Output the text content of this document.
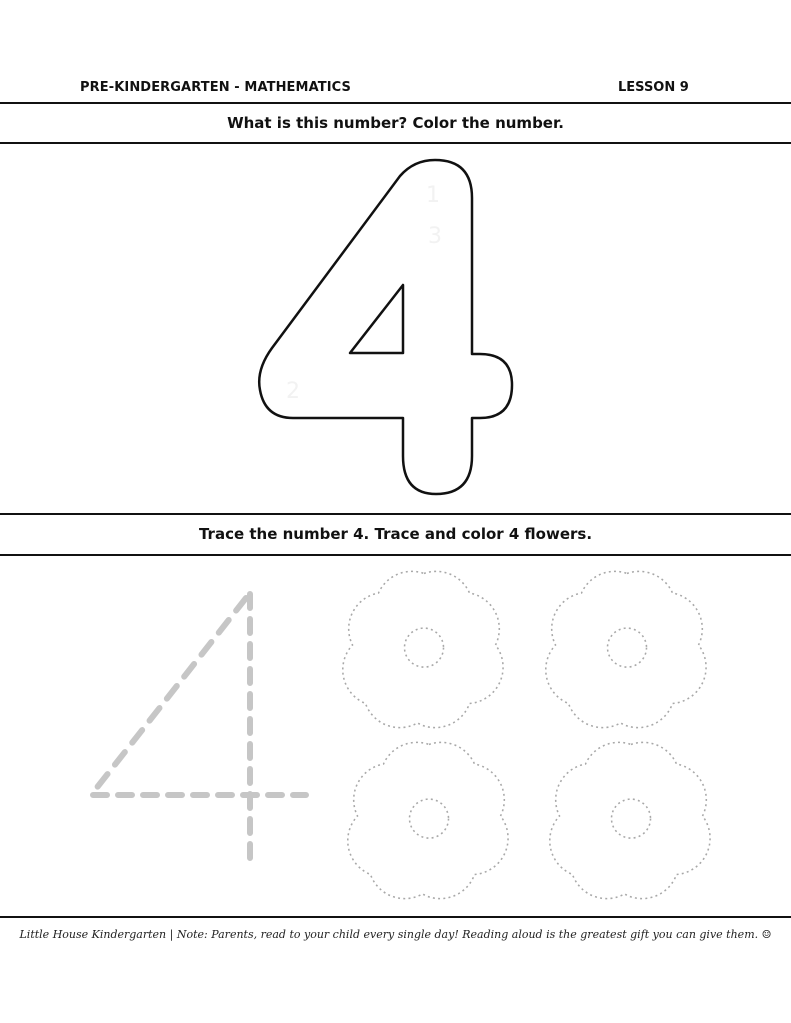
PRE-KINDERGARTEN - MATHEMATICS	LESSON 9
What is this number? Color the number.
Trace the number 4. Trace and color 4 flowers.
Little House Kindergarten | Note: Parents, read to your child every single day! Reading aloud is the greatest gift you can give them. ☺
1
2
3
